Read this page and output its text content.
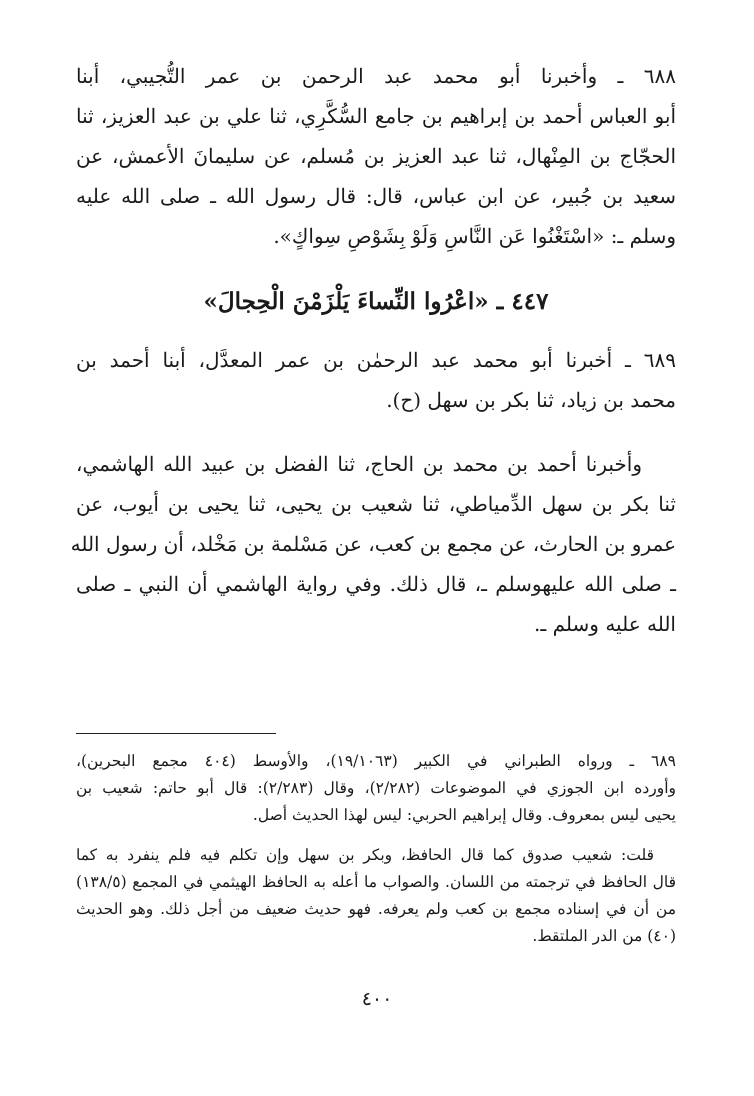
٦٨٨ ـ وأخبرنا أبو محمد عبد الرحمن بن عمر التُّجيبي، أبنا
أبو العباس أحمد بن إبراهيم بن جامع السُّكَّرِي، ثنا علي بن عبد العزيز، ثنا
الحجّاج بن المِنْهال، ثنا عبد العزيز بن مُسلم، عن سليمانَ الأعمش، عن
سعيد بن جُبير، عن ابن عباس، قال: قال رسول الله ـ صلى الله عليه
وسلم ـ: «اسْتَغْنُوا عَن النَّاسِ وَلَوْ بِشَوْصِ سِواكٍ».
٤٤٧ ـ «اعْرُوا النِّساءَ يَلْزَمْنَ الْحِجالَ»
٦٨٩ ـ أخبرنا أبو محمد عبد الرحمٰن بن عمر المعدَّل، أبنا أحمد بن
محمد بن زياد، ثنا بكر بن سهل (ح).
وأخبرنا أحمد بن محمد بن الحاج، ثنا الفضل بن عبيد الله الهاشمي،
ثنا بكر بن سهل الدِّمياطي، ثنا شعيب بن يحيى، ثنا يحيى بن أيوب، عن
عمرو بن الحارث، عن مجمع بن كعب، عن مَسْلمة بن مَخْلد، أن رسول الله
ـ صلى الله عليهوسلم ـ، قال ذلك. وفي رواية الهاشمي أن النبي ـ صلى
الله عليه وسلم ـ.
٦٨٩ ـ ورواه الطبراني في الكبير (١٩/١٠٦٣)، والأوسط (٤٠٤ مجمع البحرين)،
وأورده ابن الجوزي في الموضوعات (٢/٢٨٢)، وقال (٢/٢٨٣): قال أبو حاتم: شعيب بن
يحيى ليس بمعروف. وقال إبراهيم الحربي: ليس لهذا الحديث أصل.
قلت: شعيب صدوق كما قال الحافظ، وبكر بن سهل وإن تكلم فيه فلم ينفرد به كما
قال الحافظ في ترجمته من اللسان. والصواب ما أعله به الحافظ الهيثمي في المجمع (١٣٨/٥)
من أن في إسناده مجمع بن كعب ولم يعرفه. فهو حديث ضعيف من أجل ذلك. وهو الحديث
(٤٠) من الدر الملتقط.
٤٠٠
